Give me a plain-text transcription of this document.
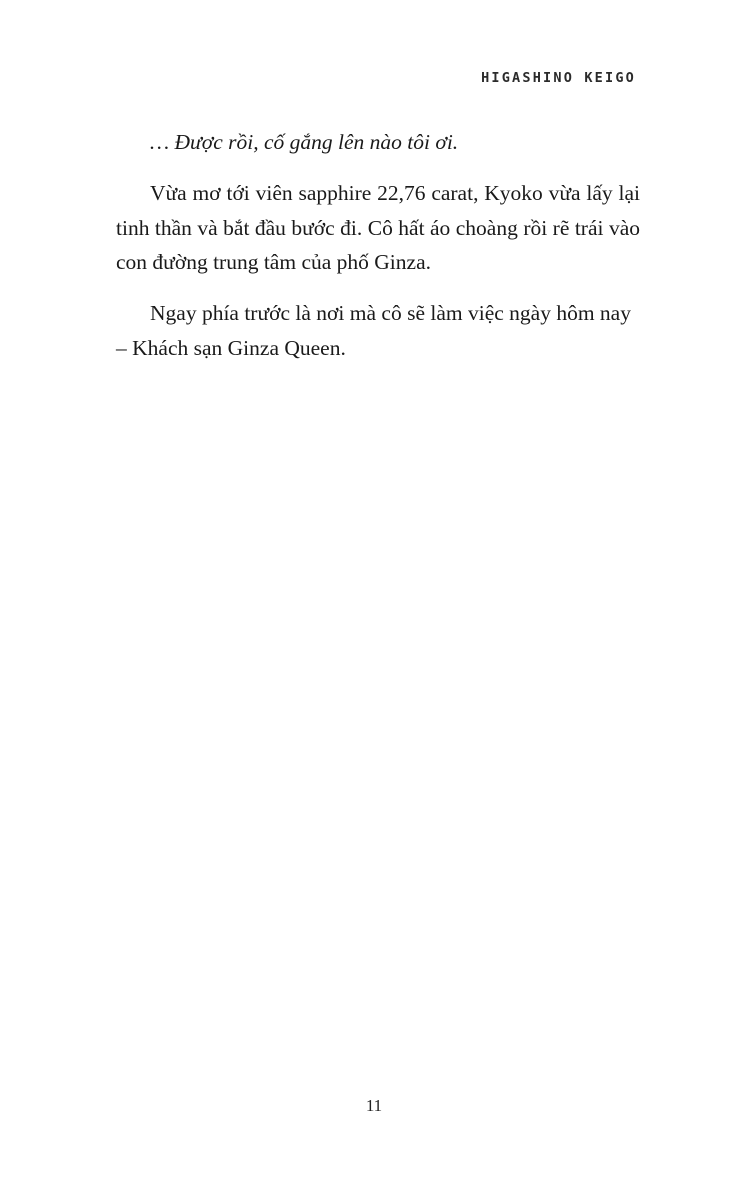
HIGASHINO KEIGO

… Được rồi, cố gắng lên nào tôi ơi.

Vừa mơ tới viên sapphire 22,76 carat, Kyoko vừa lấy lại tinh thần và bắt đầu bước đi. Cô hất áo choàng rồi rẽ trái vào con đường trung tâm của phố Ginza.

Ngay phía trước là nơi mà cô sẽ làm việc ngày hôm nay – Khách sạn Ginza Queen.

11
